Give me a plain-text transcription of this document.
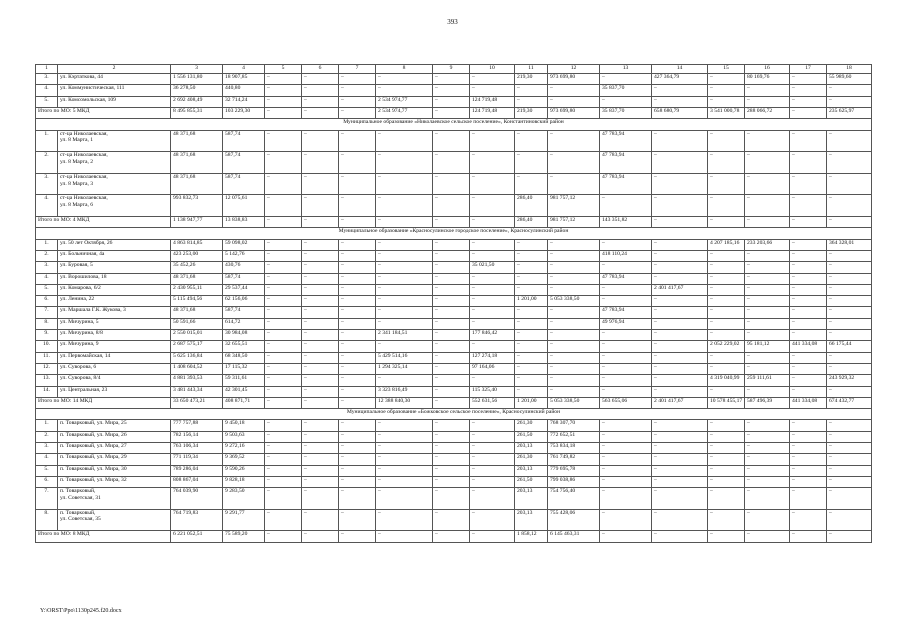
393
1	2	3	4	5	6	7	8	9	10	11	12	13	14	15	16	17	18
3.	ул. Кэртаткова, 44	1 556 131,80	18 907,85	–	–	–	–	–	–	219,30	973 699,80	–	427 364,79	–	80 169,76	–	55 989,60
4.	ул. Коммунистическая, 111	36 278,50	440,80	–	–	–	–	–	–	–	–	35 837,70	–	–	–	–	–
5.	ул. Комсомольская, 109	2 692 408,49	32 714,24	–	–	–	2 534 974,77	–	124 719,48	–	–	–	–	–	–	–	–
Итого по МО: 5 МКД		8 495 855,31	103 229,30	–	–	–	2 534 974,77	–	124 719,48	219,30	973 699,80	35 837,70	658 680,79	3 541 000,78	288 066,72	–	235 625,97
Муниципальное образование «Николаевское сельское поселение», Константиновский район																	
1.	ст-ца Николаевская,
ул. 8 Марта, 1	48 371,68	587,74	–	–	–	–	–	–	–	–	47 783,94	–	–	–	–	–
2.	ст-ца Николаевская,
ул. 8 Марта, 2	48 371,68	587,74	–	–	–	–	–	–	–	–	47 783,94	–	–	–	–	–
3.	ст-ца Николаевская,
ул. 8 Марта, 3	48 371,68	587,74	–	–	–	–	–	–	–	–	47 783,94	–	–	–	–	–
4.	ст-ца Николаевская,
ул. 8 Марта, 6	993 832,73	12 075,61	–	–	–	–	–	–	286,40	981 757,12	–	–	–	–	–	–
Итого по МО: 4 МКД		1 138 947,77	13 838,83	–	–	–	–	–	–	286,40	981 757,12	143 351,82	–	–	–	–	–
Муниципальное образование «Красносулинское городское поселение», Красносулинский район																	
1.	ул. 50 лет Октября, 26	4 863 814,85	59 098,02	–	–	–	–	–	–	–	–	–	–	4 207 185,16	233 203,66	–	364 328,01
2.	ул. Больничная, 4а	423 253,00	5 142,76	–	–	–	–	–	–	–	–	418 110,24	–	–	–	–	–
3.	ул. Буровая, 5	35 452,26	430,76	–	–	–	–	–	35 021,50	–	–	–	–	–	–	–	–
4.	ул. Ворошилова, 18	48 371,68	587,74	–	–	–	–	–	–	–	–	47 783,94	–	–	–	–	–
5.	ул. Комарова, 6/2	2 430 955,11	29 537,44	–	–	–	–	–	–	–	–	–	2 401 417,67	–	–	–	–
6.	ул. Ленина, 22	5 115 494,56	62 156,06	–	–	–	–	–	–	1 201,00	5 053 338,50	–	–	–	–	–	–
7.	ул. Маршала Г.К. Жукова, 3	48 371,68	587,74	–	–	–	–	–	–	–	–	47 783,94	–	–	–	–	–
8.	ул. Мичурина, 5	50 591,66	614,72	–	–	–	–	–	–	–	–	49 976,94	–	–	–	–	–
9.	ул. Мичурина, 8/8	2 550 015,01	30 984,08	–	–	–	2 341 184,51	–	177 846,42	–	–	–	–	–	–	–	–
10.	ул. Мичурина, 9	2 687 575,17	32 655,51	–	–	–	–	–	–	–	–	–	–	2 052 229,02	95 181,12	441 334,08	66 175,44
11.	ул. Первомайская, 14	5 625 136,84	68 348,50	–	–	–	5 429 514,16	–	127 274,18	–	–	–	–	–	–	–	–
12.	ул. Суворова, 6	1 408 604,52	17 115,32	–	–	–	1 294 325,14	–	97 164,06	–	–	–	–	–	–	–	–
13.	ул. Суворова, 8/4	4 881 393,53	59 311,61	–	–	–	–	–	–	–	–	–	–	4 319 040,99	259 111,61	–	243 929,32
14.	ул. Центральная, 23	3 481 443,34	42 301,45	–	–	–	3 323 816,49	–	115 325,40	–	–	–	–	–	–	–	–
Итого по МО: 14 МКД		33 650 473,21	408 871,71	–	–	–	12 388 840,30	–	552 631,56	1 201,00	5 053 338,50	563 655,06	2 401 417,67	10 578 455,17	587 496,39	441 334,08	674 432,77
Муниципальное образование «Божковское сельское поселение», Красносулинский район																	
1.	п. Товарковый, ул. Мира, 25	777 757,88	9 450,18	–	–	–	–	–	–	261,30	768 307,70	–	–	–	–	–	–
2.	п. Товарковый, ул. Мира, 26	782 156,14	9 503,63	–	–	–	–	–	–	261,50	772 652,51	–	–	–	–	–	–
3.	п. Товарковый, ул. Мира, 27	763 106,34	9 272,16	–	–	–	–	–	–	203,13	753 834,18	–	–	–	–	–	–
4.	п. Товарковый, ул. Мира, 29	771 119,34	9 369,52	–	–	–	–	–	–	261,30	761 749,82	–	–	–	–	–	–
5.	п. Товарковый, ул. Мира, 30	789 286,04	9 590,26	–	–	–	–	–	–	203,13	779 695,78	–	–	–	–	–	–
6.	п. Товарковый, ул. Мира, 32	808 867,04	9 828,18	–	–	–	–	–	–	261,50	799 038,86	–	–	–	–	–	–
7.	п. Товарковый,
ул. Советская, 31	764 039,90	9 283,50	–	–	–	–	–	–	203,13	754 756,40	–	–	–	–	–	–
8.	п. Товарковый,
ул. Советская, 35	764 719,83	9 291,77	–	–	–	–	–	–	203,13	755 428,06	–	–	–	–	–	–
Итого по МО: 8 МКД		6 221 052,51	75 589,20	–	–	–	–	–	–	1 858,12	6 145 463,31	–	–	–	–	–	–
Y:\ORST\Ppo\1130p245.f20.docx
